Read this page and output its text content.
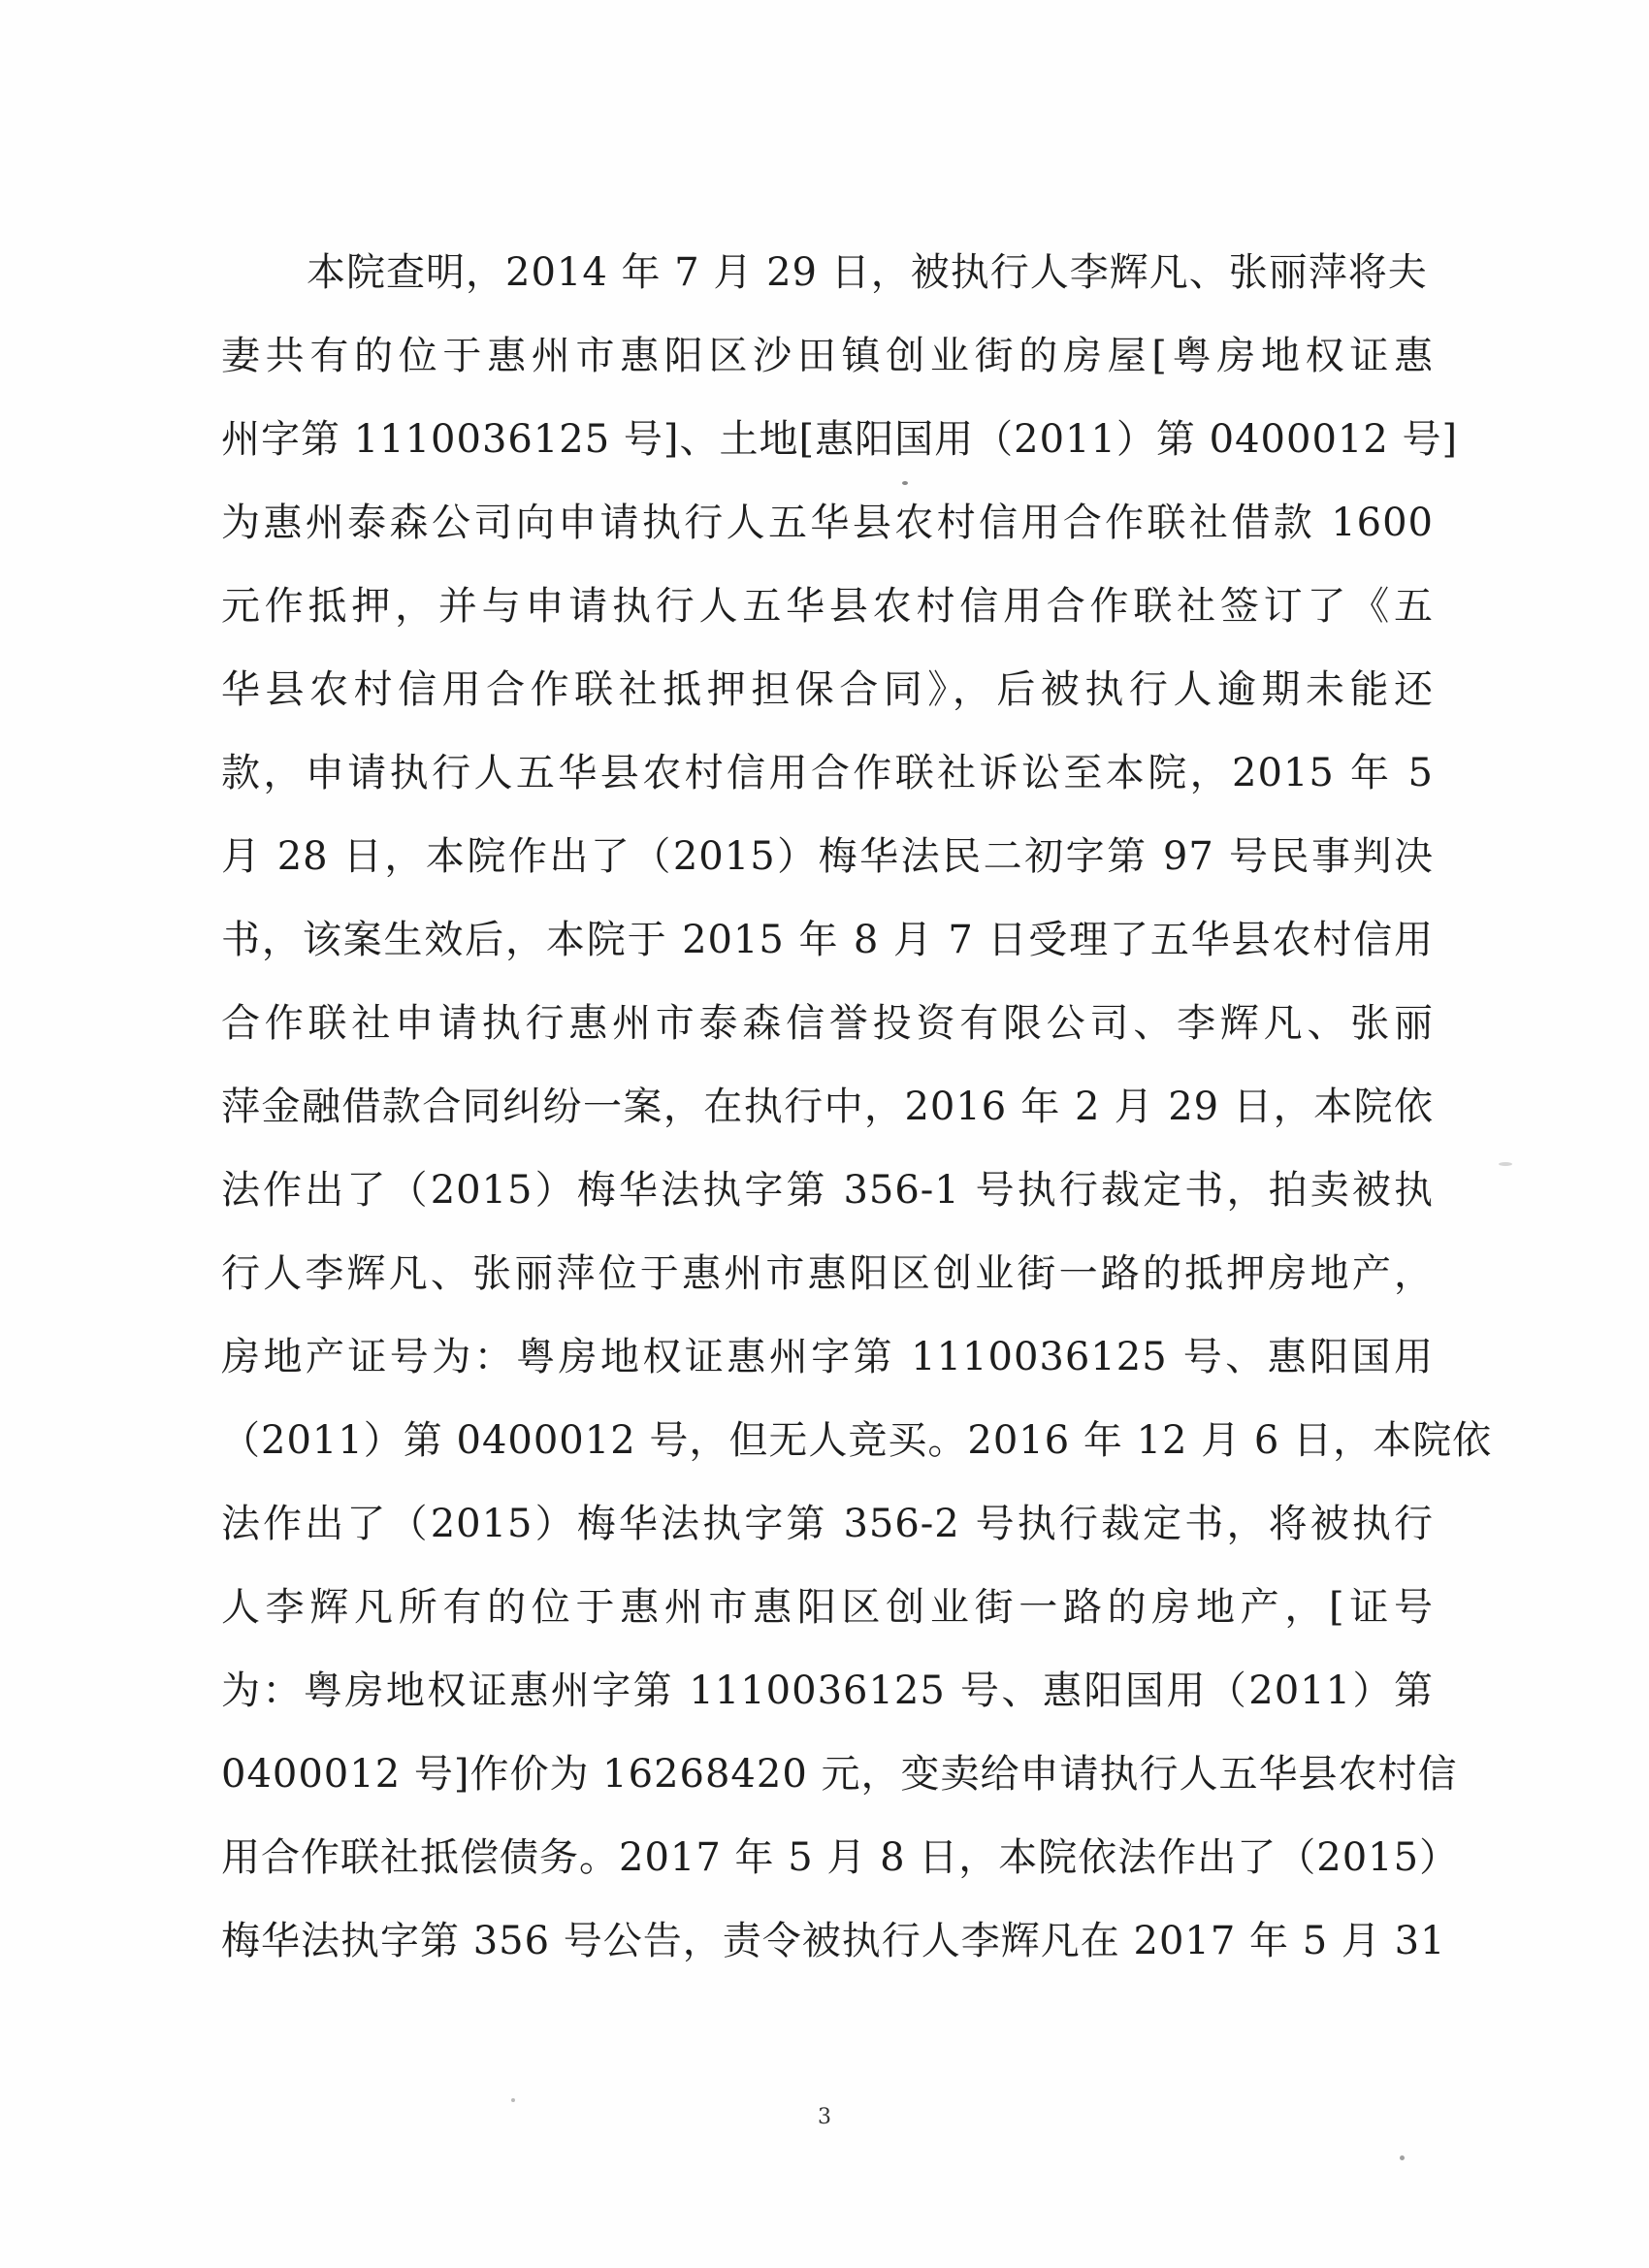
本院查明，2014 年 7 月 29 日，被执行人李辉凡、张丽萍将夫
妻共有的位于惠州市惠阳区沙田镇创业街的房屋[粤房地权证惠
州字第 1110036125 号]、土地[惠阳国用（2011）第 0400012 号]
为惠州泰森公司向申请执行人五华县农村信用合作联社借款 1600
元作抵押，并与申请执行人五华县农村信用合作联社签订了《五
华县农村信用合作联社抵押担保合同》，后被执行人逾期未能还
款，申请执行人五华县农村信用合作联社诉讼至本院，2015 年 5
月 28 日，本院作出了（2015）梅华法民二初字第 97 号民事判决
书，该案生效后，本院于 2015 年 8 月 7 日受理了五华县农村信用
合作联社申请执行惠州市泰森信誉投资有限公司、李辉凡、张丽
萍金融借款合同纠纷一案，在执行中，2016 年 2 月 29 日，本院依
法作出了（2015）梅华法执字第 356-1 号执行裁定书，拍卖被执
行人李辉凡、张丽萍位于惠州市惠阳区创业街一路的抵押房地产，
房地产证号为：粤房地权证惠州字第 1110036125 号、惠阳国用
（2011）第 0400012 号，但无人竞买。2016 年 12 月 6 日，本院依
法作出了（2015）梅华法执字第 356-2 号执行裁定书，将被执行
人李辉凡所有的位于惠州市惠阳区创业街一路的房地产，[证号
为：粤房地权证惠州字第 1110036125 号、惠阳国用（2011）第
0400012 号]作价为 16268420 元，变卖给申请执行人五华县农村信
用合作联社抵偿债务。2017 年 5 月 8 日，本院依法作出了（2015）
梅华法执字第 356 号公告，责令被执行人李辉凡在 2017 年 5 月 31
3
